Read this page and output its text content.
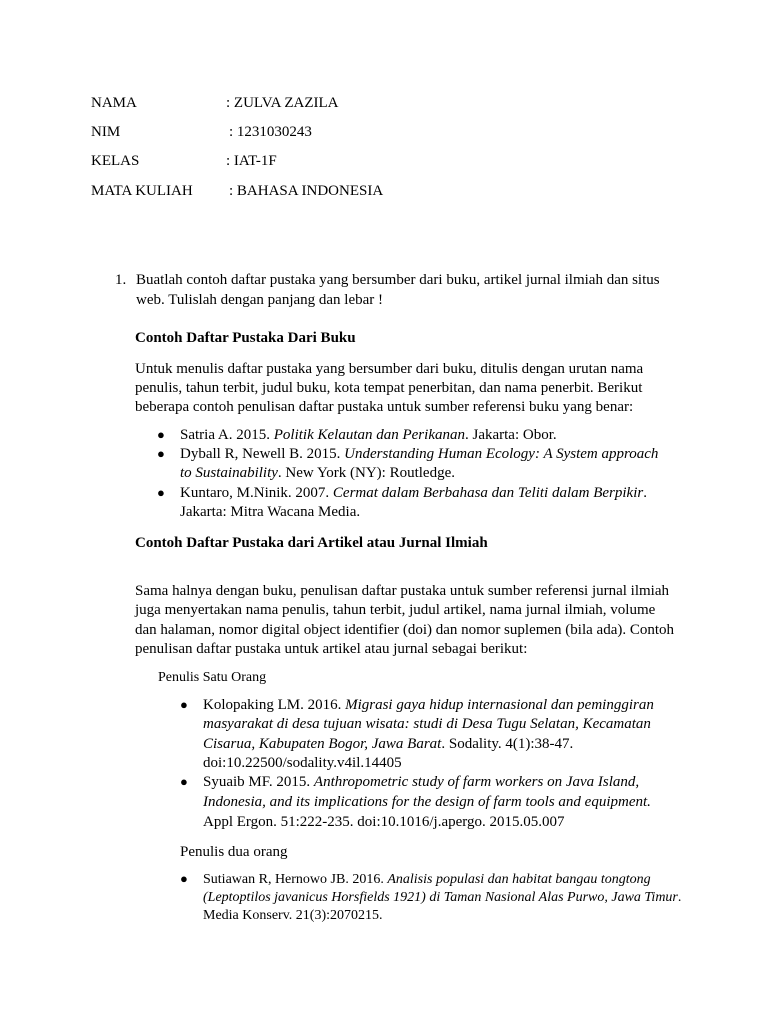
NAMA	: ZULVA ZAZILA
NIM	: 1231030243
KELAS	: IAT-1F
MATA KULIAH : BAHASA INDONESIA
1. Buatlah contoh daftar pustaka yang bersumber dari buku, artikel jurnal ilmiah dan situs
web. Tulislah dengan panjang dan lebar !
Contoh Daftar Pustaka Dari Buku
Untuk menulis daftar pustaka yang bersumber dari buku, ditulis dengan urutan nama
penulis, tahun terbit, judul buku, kota tempat penerbitan, dan nama penerbit. Berikut
beberapa contoh penulisan daftar pustaka untuk sumber referensi buku yang benar:
● Satria A. 2015. Politik Kelautan dan Perikanan. Jakarta: Obor.
● Dyball R, Newell B. 2015. Understanding Human Ecology: A System approach
to Sustainability. New York (NY): Routledge.
● Kuntaro, M.Ninik. 2007. Cermat dalam Berbahasa dan Teliti dalam Berpikir.
Jakarta: Mitra Wacana Media.
Contoh Daftar Pustaka dari Artikel atau Jurnal Ilmiah
Sama halnya dengan buku, penulisan daftar pustaka untuk sumber referensi jurnal ilmiah
juga menyertakan nama penulis, tahun terbit, judul artikel, nama jurnal ilmiah, volume
dan halaman, nomor digital object identifier (doi) dan nomor suplemen (bila ada). Contoh
penulisan daftar pustaka untuk artikel atau jurnal sebagai berikut:
Penulis Satu Orang
● Kolopaking LM. 2016. Migrasi gaya hidup internasional dan peminggiran
masyarakat di desa tujuan wisata: studi di Desa Tugu Selatan, Kecamatan
Cisarua, Kabupaten Bogor, Jawa Barat. Sodality. 4(1):38-47.
doi:10.22500/sodality.v4il.14405
● Syuaib MF. 2015. Anthropometric study of farm workers on Java Island,
Indonesia, and its implications for the design of farm tools and equipment.
Appl Ergon. 51:222-235. doi:10.1016/j.apergo. 2015.05.007
Penulis dua orang
● Sutiawan R, Hernowo JB. 2016. Analisis populasi dan habitat bangau tongtong
(Leptoptilos javanicus Horsfields 1921) di Taman Nasional Alas Purwo, Jawa Timur.
Media Konserv. 21(3):2070215.
